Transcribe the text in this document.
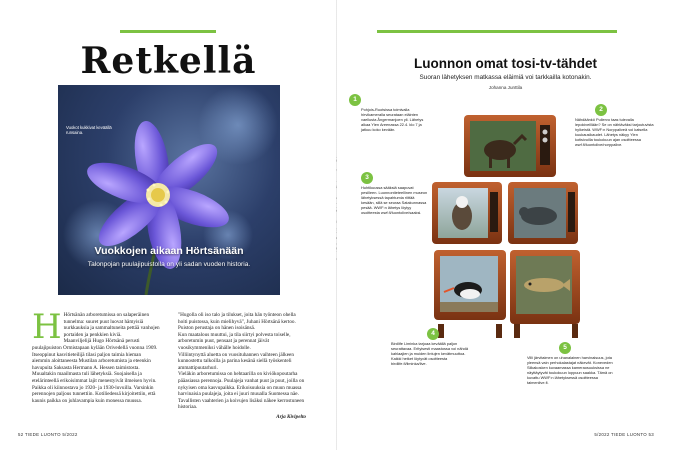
Retkellä
Vuokot kukkivat keväällä runsaina.
Vuokkojen aikaan Hörtsänään
Talonpojan puulajipuistolla on yli sadan vuoden historia.
H Hörtsänän arboretumissa on salaperäinen tunnelma: suuret puut luovat hämyisiä nurkkauksia ja sammaltuneita pettää vanhojen portaiden ja penkkien kiviä.

Maanviljelijä Hugo Hörtsänä perusti puulajipuiston Ormistapaan kylään Orivedellä vuonna 1909. Itseoppinut kasvitieteilijä tilasi paljon taimia hieman aiemmin aloittaneesta Mustilan arboretumista ja eteenkin havupuita Saksasta Hermann A. Hessen taimistosta. Muualtakin maailmasta tuli lähetyksiä. Suojaisella ja etelärinteellä erikoisimmat lajit menestyivät ilmeisen hyvin.

Paikka oli kiinnostava jo 1920- ja 1930-luvuilla. Varsinkin perennojen paljous tunnettiin. Kotiliedessä kirjoitettiin, että kaunis paikka on juhlavampia kuin monessa muussa.

"Hugolla oli iso talo ja tilukset, joita hän työnteon ohella hoiti puistossa, kuin mielihyvä", Juhani Hörtsänä kertoo. Puiston perustaja on hänen isoisänsä.

Kun maatalous muuttui, ja tila siirtyi polvesta toiselle, arboretumin puut, pensaat ja perennat jäivät vuosikymmeniksi vähälle hoidolle.

Villiintynyttä aluetta on vuosituhannen vaihteen jälkeen kunnostettu talkoilla ja parina kesänä siellä työskenteli ammattipuutarhuri.

Vieläkin arboretumissa on hehtaarilla on kiviökopoutarha pääasiassa perennoja. Puulajeja vanhat puut ja puut, joilla on nykyisen oma kasvupaikka. Erikoisuuksia on muun muassa harvinaisia puulajeja, joita ei juuri muualla Suomessa näe. Tavallisten vaahterien ja koivujen lisäksi näkee kerrostuneen historiaa.

Arja Kivipelto

52 TIEDE LUONTO 5/2022
Luonnon omat tosi-tv-tähdet
Suoran lähetyksen matkassa eläimiä voi tarkkailla kotonakin.
Johanna Junttila
1
Pohjois-Ruotsissa toimivalla hirvikameralla seurataan eläinten vaellusta Ångermanjoen yli. Lähetys alkaa Ylen Areenassa 22.4. klo 7 ja jatkuu koko kevään.
2
Nähdäänkö Pullervo taas tulevalla lepokiveillään? Se on nähtäväksi tarjoutuvista hylkeistä. WWF:n Norppaliveä voi katsella kuukausikaudet. Lähetys näkyy Ylen kotisivuilla toukokuun ajan osoitteessa wwf.fi/luontolive/norppalive.
3
Huhtikuussa sääksiä saapuvat pesilleen. Luonnontieteellinen museon lähetyksessä tapahtumia riittää kesään, sillä se seuraa Satakunnassa pesää. WWF:n lähetys löytyy osoitteesta wwf.fi/luontolive/saaksi.
4
Birdlife Liminka tarjoaa keväällä paljon seurattavaa. Erityisesti maastossa voi nähdä kahlaajien ja muiden lintujen kevätmuuttoa. Kaikki hetket löytyvät osoitteesta birdlife.fi/liminka/live.
5
Villi järvitaimen on uhanalainen harvinaisuus, jota yleensä vain perhokalastajat näkevät. Koneveden Siikakosken kuvaamassa kameraosuuksissa ne näyttäytyvät toukokuun loppuun saakka. Tämä on kuvattu WWF:n lähetyksessä osoitteessa taimenlive.fi.
5/2022 TIEDE LUONTO 53
